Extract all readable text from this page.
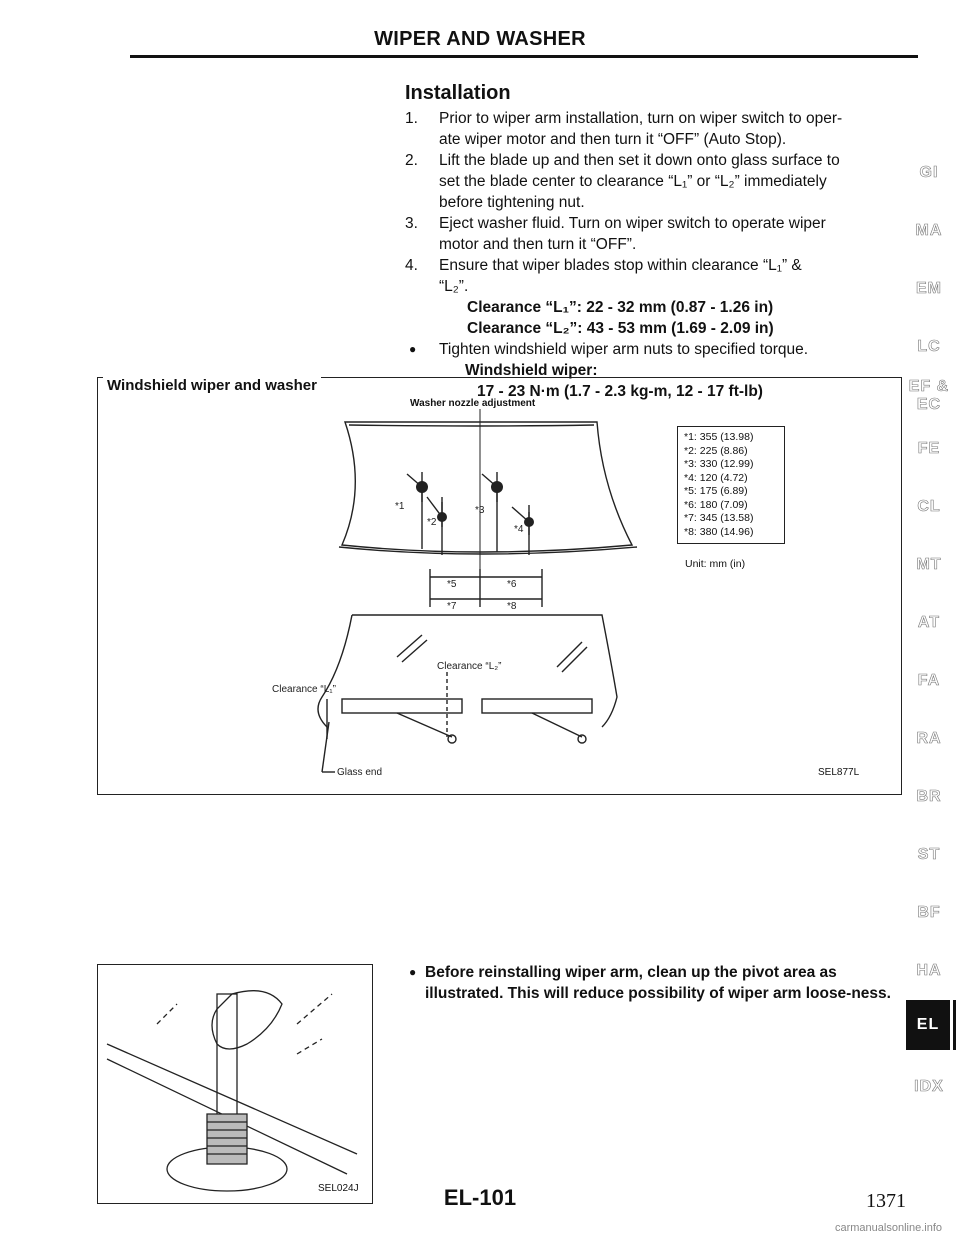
WIPER AND WASHER
Installation
1.	Prior to wiper arm installation, turn on wiper switch to oper-
ate wiper motor and then turn it “OFF” (Auto Stop).
2.	Lift the blade up and then set it down onto glass surface to
set the blade center to clearance “L₁” or “L₂” immediately
before tightening nut.
3.	Eject washer fluid. Turn on wiper switch to operate wiper
motor and then turn it “OFF”.
4.	Ensure that wiper blades stop within clearance “L₁” &
“L₂”.
Clearance “L₁”: 22 - 32 mm (0.87 - 1.26 in)
Clearance “L₂”: 43 - 53 mm (1.69 - 2.09 in)
● Tighten windshield wiper arm nuts to specified torque.
Windshield wiper:
17 - 23 N·m (1.7 - 2.3 kg-m, 12 - 17 ft-lb)
Windshield wiper and washer
Washer nozzle adjustment
*1
*2
*3
*4
*5	*6
*7	*8
Clearance “L₁”
Clearance “L₂”
Glass end
*1: 355 (13.98)
*2: 225 (8.86)
*3: 330 (12.99)
*4: 120 (4.72)
*5: 175 (6.89)
*6: 180 (7.09)
*7: 345 (13.58)
*8: 380 (14.96)
Unit: mm (in)
SEL877L
SEL024J
● Before reinstalling wiper arm, clean up the pivot area as illustrated. This will reduce possibility of wiper arm loose-ness.
GI
MA
EM
LC
EF &
EC
FE
CL
MT
AT
FA
RA
BR
ST
BF
HA
EL
IDX
EL-101	1371
carmanualsonline.info
